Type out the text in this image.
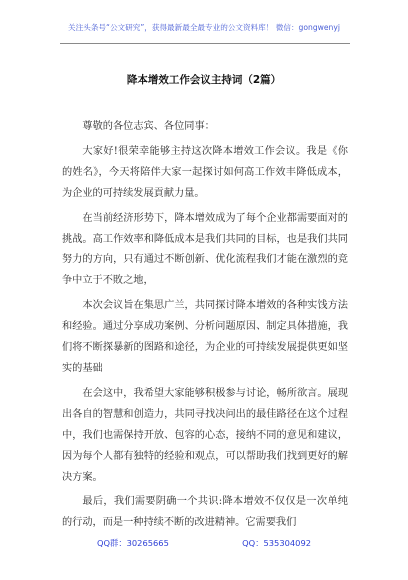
关注头条号“公文研究”，获得最新最全最专业的公文资料库！ 微信：gongwenyj
降本增效工作会议主持词（2篇）

尊敬的各位志宾、各位同事：

大家好!很荣幸能够主持这次降本增效工作会议。我是《你的姓名》，今天将陪伴大家一起探讨如何高工作效丰降低成本，为企业的可持续发展貢献力量。

在当前经济形势下，降本增效成为了每个企业都需要面对的挑战。高工作效率和降低成本是我们共同的目标，也是我们共同努力的方向，只有通过不断创新、优化流程我们才能在激烈的竞争中立于不敗之地，

本次会议旨在集思广兰，共同探讨降本增效的各种实饯方法和经验。通过分享成功案例、分析问题原因、制定具体措施，我们将不断探暴新的图路和途径，为企业的可持续发展提供更如坚实的基础

在会这中，我希望大家能够积极参与讨论，畅所欲言。展现出各自的智慧和创造力，共同寻找决问出的最佳路径在这个过程中，我们也需保持开放、包容的心态，接纳不同的意见和建议，因为每个人都有独特的经验和观点，可以帮助我们找到更好的解决方案。

最后，我们需要阴确一个共识:降本增效不仅仅是一次单纯的行动，而是一种持续不断的改进精神。它需要我们

QQ群：30265665	QQ：535304092
